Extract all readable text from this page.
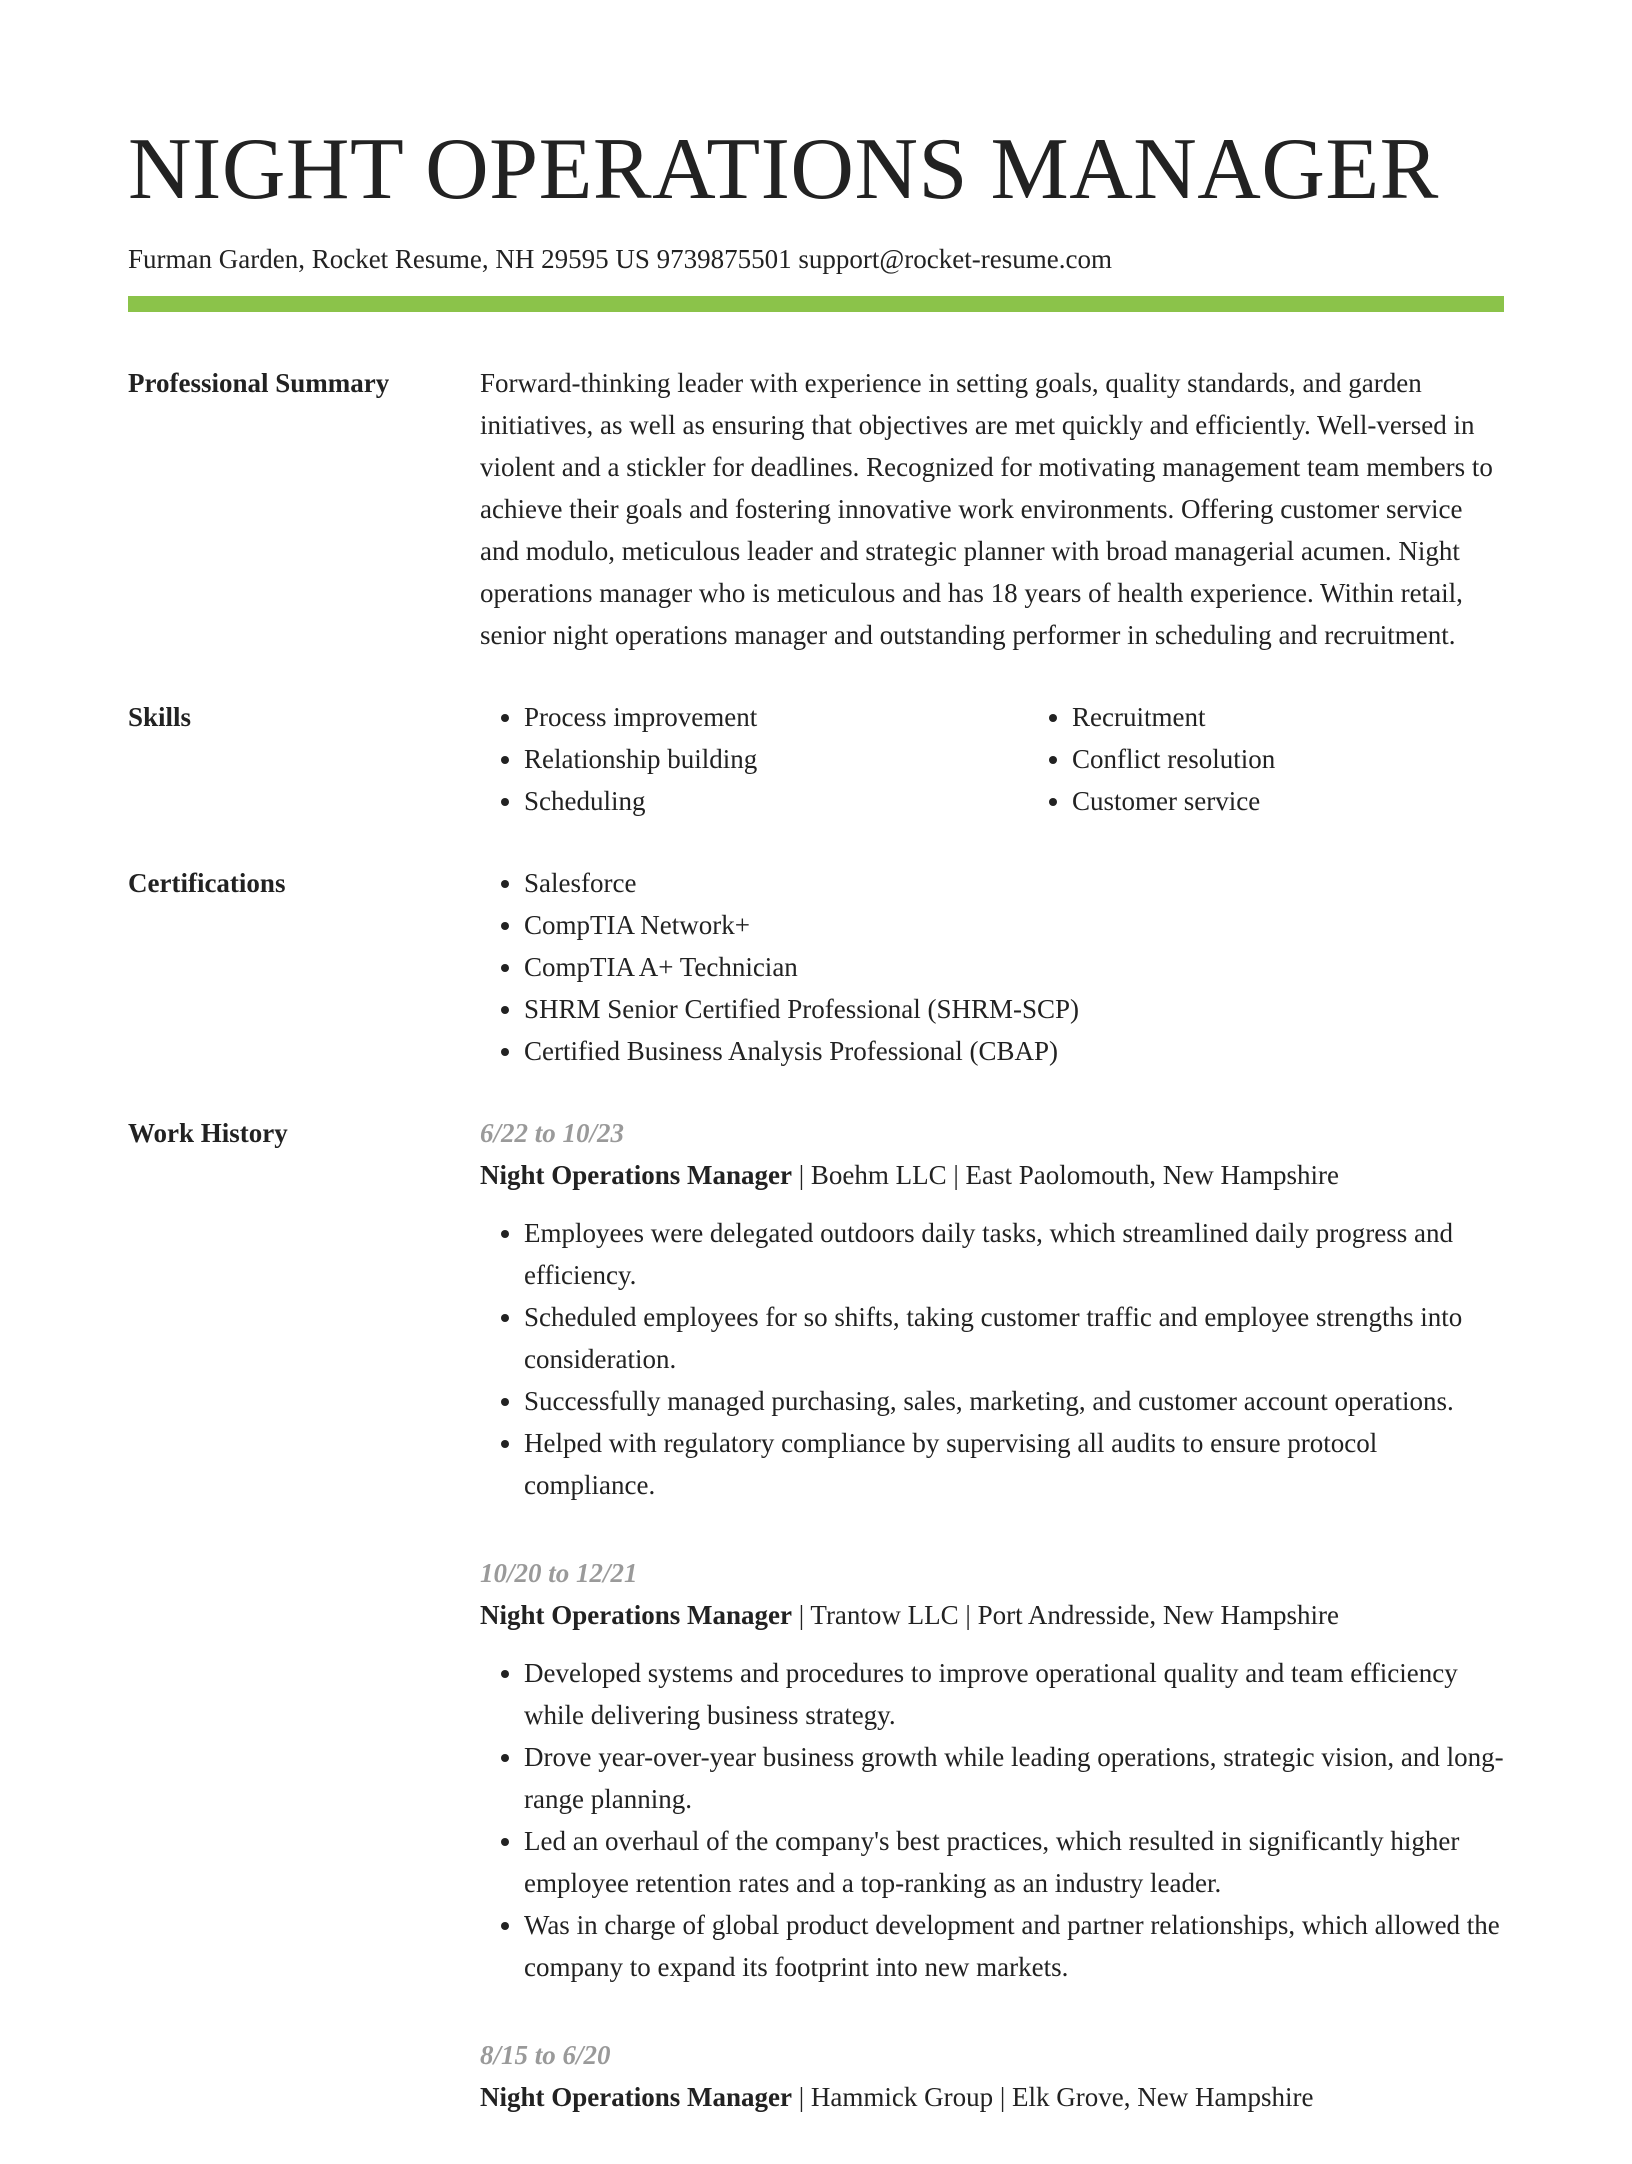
NIGHT OPERATIONS MANAGER
Furman Garden, Rocket Resume, NH 29595 US 9739875501 support@rocket-resume.com
Professional Summary	Forward-thinking leader with experience in setting goals, quality standards, and garden initiatives, as well as ensuring that objectives are met quickly and efficiently. Well-versed in violent and a stickler for deadlines. Recognized for motivating management team members to achieve their goals and fostering innovative work environments. Offering customer service and modulo, meticulous leader and strategic planner with broad managerial acumen. Night operations manager who is meticulous and has 18 years of health experience. Within retail, senior night operations manager and outstanding performer in scheduling and recruitment.

Skills	• Process improvement
• Relationship building
• Scheduling
• Recruitment
• Conflict resolution
• Customer service
Certifications	• Salesforce
• CompTIA Network+
• CompTIA A+ Technician
• SHRM Senior Certified Professional (SHRM-SCP)
• Certified Business Analysis Professional (CBAP)
Work History	6/22 to 10/23
Night Operations Manager | Boehm LLC | East Paolomouth, New Hampshire
• Employees were delegated outdoors daily tasks, which streamlined daily progress and efficiency.
• Scheduled employees for so shifts, taking customer traffic and employee strengths into consideration.
• Successfully managed purchasing, sales, marketing, and customer account operations.
• Helped with regulatory compliance by supervising all audits to ensure protocol compliance.
10/20 to 12/21
Night Operations Manager | Trantow LLC | Port Andresside, New Hampshire
• Developed systems and procedures to improve operational quality and team efficiency while delivering business strategy.
• Drove year-over-year business growth while leading operations, strategic vision, and long-range planning.
• Led an overhaul of the company's best practices, which resulted in significantly higher employee retention rates and a top-ranking as an industry leader.
• Was in charge of global product development and partner relationships, which allowed the company to expand its footprint into new markets.
8/15 to 6/20
Night Operations Manager | Hammick Group | Elk Grove, New Hampshire
